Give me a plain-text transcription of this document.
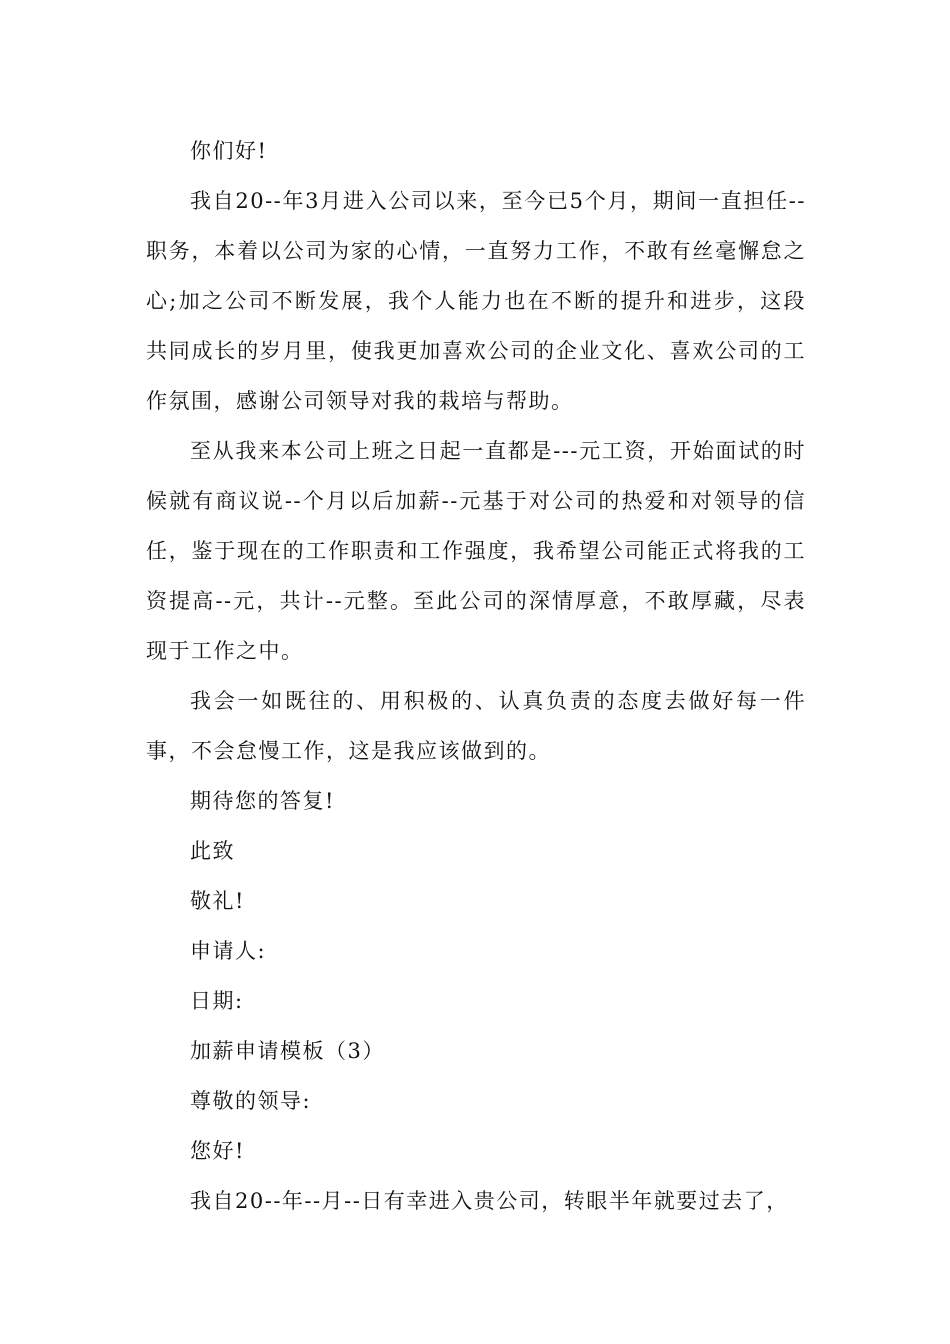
你们好!

我自20--年3月进入公司以来，至今已5个月，期间一直担任--职务，本着以公司为家的心情，一直努力工作，不敢有丝毫懈怠之心;加之公司不断发展，我个人能力也在不断的提升和进步，这段共同成长的岁月里，使我更加喜欢公司的企业文化、喜欢公司的工作氛围，感谢公司领导对我的栽培与帮助。

至从我来本公司上班之日起一直都是---元工资，开始面试的时候就有商议说--个月以后加薪--元基于对公司的热爱和对领导的信任，鉴于现在的工作职责和工作强度，我希望公司能正式将我的工资提高--元，共计--元整。至此公司的深情厚意，不敢厚藏，尽表现于工作之中。

我会一如既往的、用积极的、认真负责的态度去做好每一件事，不会怠慢工作，这是我应该做到的。

期待您的答复!

此致

敬礼!

申请人:

日期:

加薪申请模板（3）

尊敬的领导:

您好!

我自20--年--月--日有幸进入贵公司，转眼半年就要过去了，
